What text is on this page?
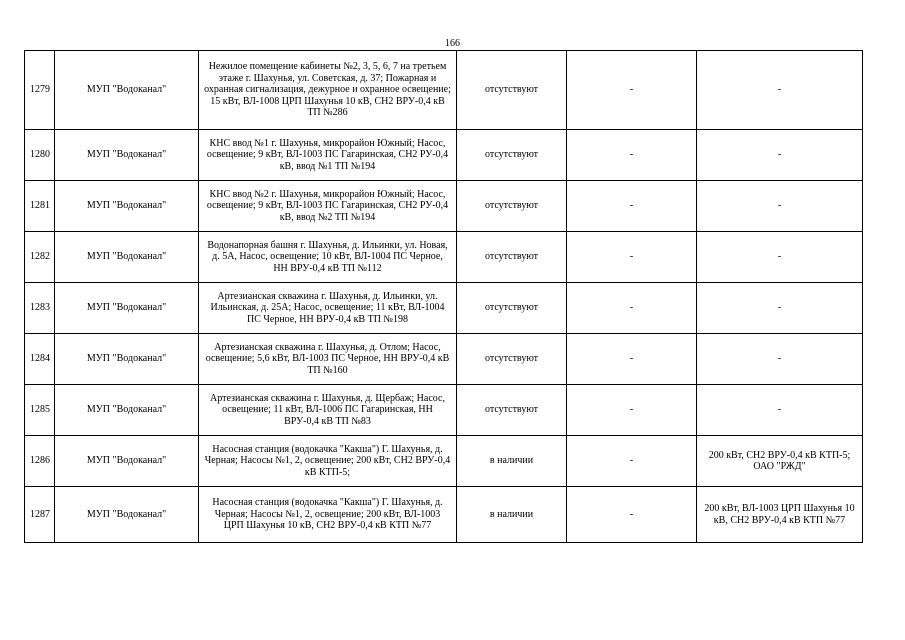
166
1279	МУП "Водоканал"	Нежилое помещение кабинеты №2, 3, 5, 6, 7 на третьем этаже г. Шахунья, ул. Советская, д. 37; Пожарная и охранная сигнализация, дежурное и охранное освещение; 15 кВт, ВЛ-1008 ЦРП Шахунья 10 кВ, СН2 ВРУ-0,4 кВ ТП №286	отсутствуют	-	-
1280	МУП "Водоканал"	КНС ввод №1 г. Шахунья, микрорайон Южный; Насос, освещение; 9 кВт, ВЛ-1003 ПС Гагаринская, СН2 РУ-0,4 кВ, ввод №1 ТП №194	отсутствуют	-	-
1281	МУП "Водоканал"	КНС ввод №2 г. Шахунья, микрорайон Южный; Насос, освещение; 9 кВт, ВЛ-1003 ПС Гагаринская, СН2 РУ-0,4 кВ, ввод №2 ТП №194	отсутствуют	-	-
1282	МУП "Водоканал"	Водонапорная башня г. Шахунья, д. Ильинки, ул. Новая, д. 5А, Насос, освещение; 10 кВт, ВЛ-1004 ПС Черное, НН ВРУ-0,4 кВ ТП №112	отсутствуют	-	-
1283	МУП "Водоканал"	Артезианская скважина г. Шахунья, д. Ильинки, ул. Ильинская, д. 25А; Насос, освещение; 11 кВт, ВЛ-1004 ПС Черное, НН ВРУ-0,4 кВ ТП №198	отсутствуют	-	-
1284	МУП "Водоканал"	Артезианская скважина г. Шахунья, д. Отлом; Насос, освещение; 5,6 кВт, ВЛ-1003 ПС Черное, НН ВРУ-0,4 кВ ТП №160	отсутствуют	-	-
1285	МУП "Водоканал"	Артезианская скважина г. Шахунья, д. Щербаж; Насос, освещение; 11 кВт, ВЛ-1006 ПС Гагаринская, НН ВРУ-0,4 кВ ТП №83	отсутствуют	-	-
1286	МУП "Водоканал"	Насосная станция (водокачка "Какша") Г. Шахунья, д. Черная; Насосы №1, 2, освещение; 200 кВт, СН2 ВРУ-0,4 кВ КТП-5;	в наличии	-	200 кВт, СН2 ВРУ-0,4 кВ КТП-5; ОАО "РЖД"
1287	МУП "Водоканал"	Насосная станция (водокачка "Какша") Г. Шахунья, д. Черная; Насосы №1, 2, освещение; 200 кВт, ВЛ-1003 ЦРП Шахунья 10 кВ, СН2 ВРУ-0,4 кВ КТП №77	в наличии	-	200 кВт, ВЛ-1003 ЦРП Шахунья 10 кВ, СН2 ВРУ-0,4 кВ КТП №77
